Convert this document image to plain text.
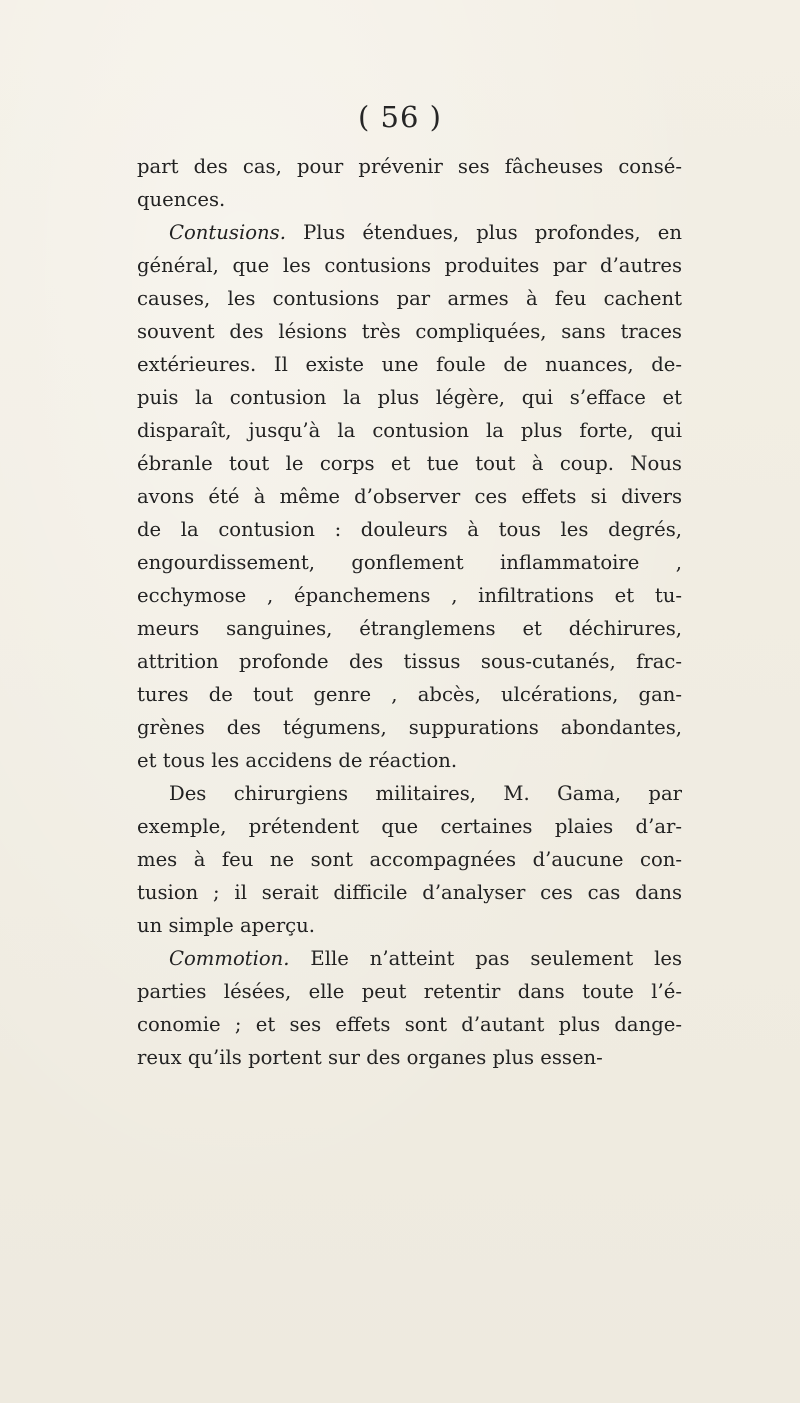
( 56 )
part des cas, pour prévenir ses fâcheuses consé-
quences.
Contusions. Plus étendues, plus profondes, en
général, que les contusions produites par d’autres
causes, les contusions par armes à feu cachent
souvent des lésions très compliquées, sans traces
extérieures. Il existe une foule de nuances, de-
puis la contusion la plus légère, qui s’efface et
disparaît, jusqu’à la contusion la plus forte, qui
ébranle tout le corps et tue tout à coup. Nous
avons été à même d’observer ces effets si divers
de la contusion : douleurs à tous les degrés,
engourdissement, gonflement inflammatoire ,
ecchymose , épanchemens , infiltrations et tu-
meurs sanguines, étranglemens et déchirures,
attrition profonde des tissus sous-cutanés, frac-
tures de tout genre , abcès, ulcérations, gan-
grènes des tégumens, suppurations abondantes,
et tous les accidens de réaction.
Des chirurgiens militaires, M. Gama, par
exemple, prétendent que certaines plaies d’ar-
mes à feu ne sont accompagnées d’aucune con-
tusion ; il serait difficile d’analyser ces cas dans
un simple aperçu.
Commotion. Elle n’atteint pas seulement les
parties lésées, elle peut retentir dans toute l’é-
conomie ; et ses effets sont d’autant plus dange-
reux qu’ils portent sur des organes plus essen-
